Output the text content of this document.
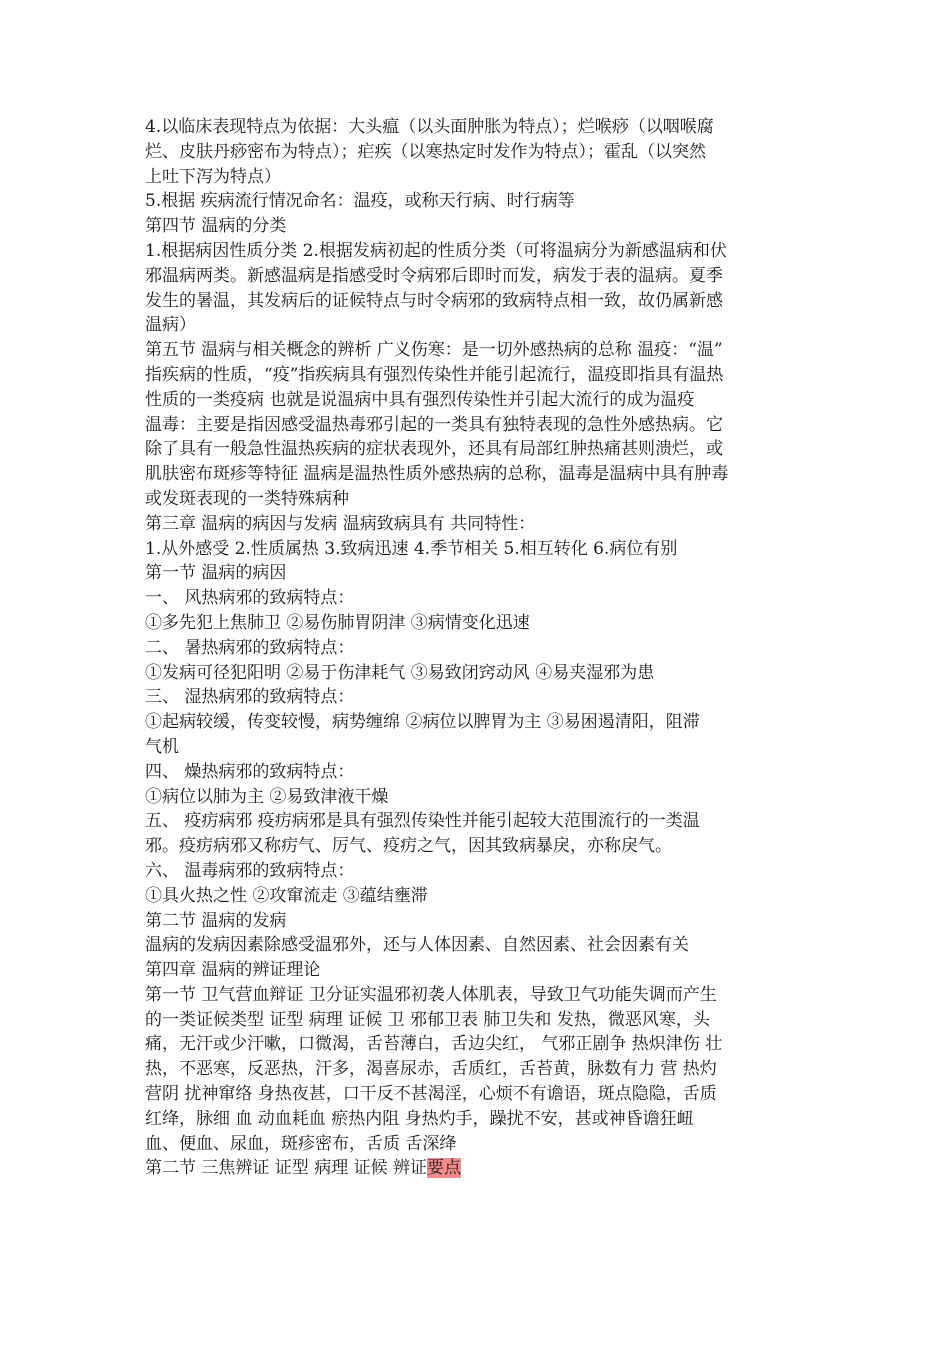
4.以临床表现特点为依据：大头瘟（以头面肿胀为特点）；烂喉痧（以咽喉腐
烂、皮肤丹痧密布为特点）；疟疾（以寒热定时发作为特点）；霍乱（以突然
上吐下泻为特点）
5.根据 疾病流行情况命名：温疫，或称天行病、时行病等
第四节 温病的分类
1.根据病因性质分类 2.根据发病初起的性质分类（可将温病分为新感温病和伏
邪温病两类。新感温病是指感受时令病邪后即时而发，病发于表的温病。夏季
发生的暑温，其发病后的证候特点与时令病邪的致病特点相一致，故仍属新感
温病）
第五节 温病与相关概念的辨析 广义伤寒：是一切外感热病的总称 温疫：“温”
指疾病的性质，“疫”指疾病具有强烈传染性并能引起流行，温疫即指具有温热
性质的一类疫病 也就是说温病中具有强烈传染性并引起大流行的成为温疫
温毒：主要是指因感受温热毒邪引起的一类具有独特表现的急性外感热病。它
除了具有一般急性温热疾病的症状表现外，还具有局部红肿热痛甚则溃烂，或
肌肤密布斑疹等特征 温病是温热性质外感热病的总称，温毒是温病中具有肿毒
或发斑表现的一类特殊病种
第三章 温病的病因与发病 温病致病具有 共同特性：
1.从外感受 2.性质属热 3.致病迅速 4.季节相关 5.相互转化 6.病位有别
第一节 温病的病因
一、 风热病邪的致病特点：
①多先犯上焦肺卫 ②易伤肺胃阴津 ③病情变化迅速
二、 暑热病邪的致病特点：
①发病可径犯阳明 ②易于伤津耗气 ③易致闭窍动风 ④易夹湿邪为患
三、 湿热病邪的致病特点：
①起病较缓，传变较慢，病势缠绵 ②病位以脾胃为主 ③易困遏清阳，阻滞
气机
四、 燥热病邪的致病特点：
①病位以肺为主 ②易致津液干燥
五、 疫疠病邪 疫疠病邪是具有强烈传染性并能引起较大范围流行的一类温
邪。疫疠病邪又称疠气、厉气、疫疠之气，因其致病暴戾，亦称戾气。
六、 温毒病邪的致病特点：
①具火热之性 ②攻窜流走 ③蕴结壅滞
第二节 温病的发病
温病的发病因素除感受温邪外，还与人体因素、自然因素、社会因素有关
第四章 温病的辨证理论
第一节 卫气营血辩证 卫分证实温邪初袭人体肌表，导致卫气功能失调而产生
的一类证候类型 证型 病理 证候 卫 邪郁卫表 肺卫失和 发热，微恶风寒，头
痛，无汗或少汗嗽，口微渴，舌苔薄白，舌边尖红， 气邪正剧争 热炽津伤 壮
热，不恶寒，反恶热，汗多，渴喜尿赤，舌质红，舌苔黄，脉数有力 营 热灼
营阴 扰神窜络 身热夜甚，口干反不甚渴淫，心烦不有谵语，斑点隐隐，舌质
红绛，脉细 血 动血耗血 瘀热内阻 身热灼手，躁扰不安，甚或神昏谵狂衄
血、便血、尿血，斑疹密布，舌质 舌深绛
第二节 三焦辨证 证型 病理 证候 辨证要点
